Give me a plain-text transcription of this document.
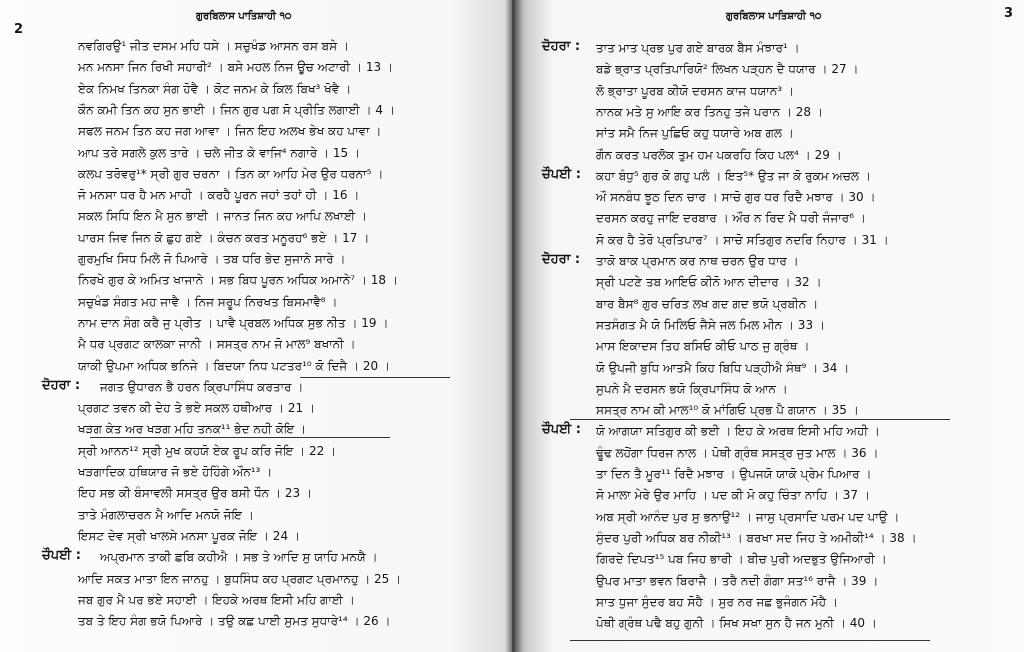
2
ਗੁਰਬਿਲਾਸ ਪਾਤਿਸ਼ਾਹੀ ੧੦
ਨਵਗਿਰਉ¹ ਜੀਤ ਦਸਮ ਮਹਿ ਧਸੇ । ਸਚੁਖੰਡ ਆਸਨ ਰਸ ਬਸੇ ।
ਮਨ ਮਨਸਾ ਜਿਨ ਰਿਖੀ ਸਹਾਰੀ² । ਬਸੇ ਮਹਲ ਨਿਜ ਊਚ ਅਟਾਰੀ । 13 ।
ਏਕ ਨਿਮਖ ਤਿਨਕਾ ਸੰਗ ਹੋਵੈ । ਕੋਟ ਜਨਮ ਕੇ ਕਿਲ ਬਿਖ³ ਖੋਵੈ ।
ਕੌਨ ਕਮੀ ਤਿਨ ਕਹ ਸੁਨ ਭਾਈ । ਜਿਨ ਗੁਰ ਪਗ ਸੋ ਪ੍ਰੀਤਿ ਲਗਾਈ । 4 ।
ਸਫਲ ਜਨਮ ਤਿਨ ਕਹ ਜਗ ਆਵਾ । ਜਿਨ ਇਹ ਅਲਖ ਭੇਖ ਕਹ ਪਾਵਾ ।
ਆਪ ਤਰੇ ਸਗਲੇ ਕੁਲ ਤਾਰੇ । ਚਲੇ ਜੀਤ ਕੇ ਵਾਜਿ⁴ ਨਗਾਰੇ । 15 ।
ਕਲਪ ਤਰੋਵਰੁ¹* ਸ੍ਰੀ ਗੁਰ ਚਰਨਾ । ਤਿਨ ਕਾ ਆਹਿ ਮੇਰ ਉਰ ਧਰਨਾ⁵ ।
ਜੋ ਮਨਸਾ ਧਰ ਹੈ ਮਨ ਮਾਹੀ । ਕਰਹੈ ਪੂਰਨ ਜਹਾਂ ਤਹਾਂ ਹੀ । 16 ।
ਸਕਲ ਸਿਧਿ ਇਨ ਮੈ ਸੁਨ ਭਾਈ । ਜਾਨਤ ਜਿਨ ਕਹ ਆਪਿ ਲਖਾਈ ।
ਪਾਰਸ ਜਿਵ ਜਿਨ ਕੋ ਛੁਹ ਗਏ । ਕੰਚਨ ਕਰਤ ਮਨੂਰਹ⁶ ਭਏ । 17 ।
ਗੁਰਮੁਖਿ ਸਿਧ ਮਿਲੇ ਜੋ ਪਿਆਰੇ । ਤਬ ਧਰਿ ਭੇਦ ਸੁਜਾਨੇ ਸਾਰੇ ।
ਨਿਰਖੇ ਗੁਰ ਕੇ ਅਮਿਤ ਖਾਜਾਨੇ । ਸਭ ਬਿਧ ਪੂਰਨ ਅਧਿਕ ਅਮਾਨੇ⁷ । 18 ।
ਸਚੁਖੰਡ ਸੰਗਤ ਮਹ ਜਾਵੈ । ਨਿਜ ਸਰੂਪ ਨਿਰਖਤ ਬਿਸਮਾਵੈ⁸ ।
ਨਾਮ ਦਾਨ ਸੰਗ ਕਰੈ ਜੁ ਪ੍ਰੀਤ । ਪਾਵੈ ਪ੍ਰਬਲ ਅਧਿਕ ਸੁਭ ਨੀਤ । 19 ।
ਮੈ ਧਰ ਪ੍ਰਗਟ ਕਾਲਕਾ ਜਾਨੀ । ਸਸਤ੍ਰ ਨਾਮ ਜੋ ਮਾਲ⁹ ਬਖਾਨੀ ।
ਯਾਕੀ ਉਪਮਾ ਅਧਿਕ ਭਨਿਜੇ । ਬਿਦਯਾ ਨਿਧ ਪਟਤਰ¹⁰ ਕੋ ਦਿਜੈ । 20 ।
ਦੋਹਰਾ : ਜਗਤ ਉਧਾਰਨ ਭੈ ਹਰਨ ਕ੍ਰਿਪਾਸਿੰਧ ਕਰਤਾਰ ।
ਪ੍ਰਗਟ ਤਵਨ ਕੀ ਦੇਹ ਤੇ ਭਏ ਸਕਲ ਹਥੀਆਰ । 21 ।
ਖੜਗ ਕੇਤ ਅਰ ਖੜਗ ਮਹਿ ਤਨਕ¹¹ ਭੇਦ ਨਹੀ ਕੋਇ ।
ਸ੍ਰੀ ਆਨਨ¹² ਸ੍ਰੀ ਮੁਖ ਕਹਯੋ ਏਕ ਰੂਪ ਕਰਿ ਜੋਇ । 22 ।
ਖੜਗਾਦਿਕ ਹਥਿਯਾਰ ਜੋ ਭਏ ਹੋਹਿੰਗੇ ਔਨ¹³ ।
ਇਹ ਸਭ ਕੀ ਬੰਸਾਵਲੀ ਸਸਤ੍ਰ ਉਰ ਬਸੀ ਧੌਨ । 23 ।
ਤਾਤੇ ਮੰਗਲਾਚਰਨ ਮੈ ਆਦਿ ਮਨਯੋ ਜੋਇ ।
ਇਸਟ ਦੇਵ ਸ੍ਰੀ ਖਾਲਸੇ ਮਨਸਾ ਪੂਰਕ ਜੋਇ । 24 ।
ਚੌਪਈ : ਅਪ੍ਰਮਾਨ ਤਾਕੀ ਛਬਿ ਕਹੀਐ । ਸਭ ਤੇ ਆਦਿ ਸੁ ਯਾਹਿ ਮਨਯੈ ।
ਆਦਿ ਸਕਤ ਮਾਤਾ ਇਨ ਜਾਨਹੁ । ਬੁਧਸਿੰਧ ਕਹ ਪ੍ਰਗਟ ਪ੍ਰਮਾਨਹੁ । 25 ।
ਜਬ ਗੁਰ ਮੈ ਪਰ ਭਏ ਸਹਾਈ । ਇਹਕੇ ਅਰਥ ਇਸੀ ਮਹਿ ਗਾਈ ।
ਤਬ ਤੇ ਇਹ ਸੰਗ ਭਯੋ ਪਿਆਰੇ । ਤਉ ਕਛ ਪਾਈ ਸੁਮਤ ਸੁਧਾਰੇ¹⁴ । 26 ।
3
ਗੁਰਬਿਲਾਸ ਪਾਤਿਸ਼ਾਹੀ ੧੦
ਦੋਹਰਾ : ਤਾਤ ਮਾਤ ਪ੍ਰਭ ਪੁਰ ਗਏ ਬਾਰਕ ਬੈਸ ਮੰਝਾਰ¹ ।
ਬਡੇ ਭ੍ਰਾਤ ਪ੍ਰਤਿਪਾਰਿਯੋ² ਲਿਖਨ ਪੜ੍ਹਨ ਦੈ ਧਯਾਰ । 27 ।
ਲੋ ਭ੍ਰਾਤਾ ਪੂਰਬ ਕੀਯੋ ਦਰਸਨ ਕਾਜ ਧਯਾਨ³ ।
ਨਾਨਕ ਮਤੇ ਸੁ ਆਇ ਕਰ ਤਿਨਹੁ ਤਜੇ ਪਰਾਨ । 28 ।
ਸਾਂਤ ਸਮੈ ਨਿਜ ਪੁਛਿਓ ਕਹੁ ਧਯਾਰੇ ਅਬ ਗਲ ।
ਗੌਨ ਕਰਤ ਪਰਲੋਕ ਤੁਮ ਹਮ ਪਕਰਹਿ ਕਿਹ ਪਲ⁴ । 29 ।
ਚੌਪਈ : ਕਹਾ ਬੰਧੁ⁵ ਗੁਰ ਕੋ ਗਹੁ ਪਲੰ । ਇਤ⁵* ਉਤ ਜਾ ਕੋ ਰੁਕਮ ਅਚਲ ।
ਔ ਸਨਬੰਧ ਝੂਠ ਦਿਨ ਚਾਰ । ਸਾਚੋ ਗੁਰ ਧਰ ਰਿਦੈ ਮਝਾਰ । 30 ।
ਦਰਸਨ ਕਰਹੁ ਜਾਇ ਦਰਬਾਰ । ਔਰ ਨ ਰਿਦ ਮੈ ਧਰੀ ਜੰਜਾਰ⁶ ।
ਸੋ ਕਰ ਹੈ ਤੇਰੋ ਪ੍ਰਤਿਪਾਰ⁷ । ਸਾਚੋ ਸਤਿਗੁਰ ਨਦਰਿ ਨਿਹਾਰ । 31 ।
ਦੋਹਰਾ : ਤਾਕੋ ਬਾਕ ਪ੍ਰਮਾਨ ਕਰ ਨਾਥ ਚਰਨ ਉਰ ਧਾਰ ।
ਸ੍ਰੀ ਪਟਣੇ ਤਬ ਆਇਓ ਕੀਨੋ ਆਨ ਦੀਦਾਰ । 32 ।
ਬਾਰ ਬੈਸ⁸ ਗੁਰ ਚਰਿਤ ਲਖ ਗਦ ਗਦ ਭਯੋ ਪ੍ਰਬੀਨ ।
ਸਤਸੰਗਤ ਮੈ ਯੋ ਮਿਲਿਓ ਜੈਸੇ ਜਲ ਮਿਲ ਮੀਨ । 33 ।
ਮਾਸ ਇਕਾਦਸ ਤਿਹ ਬਸਿਓ ਕੀਓ ਪਾਠ ਜੁ ਗ੍ਰੰਥ ।
ਯੋ ਉਪਜੀ ਬੁਧਿ ਆਤਮੈ ਕਿਹ ਬਿਧਿ ਪੜ੍ਹੀਐ ਸੰਥ⁹ । 34 ।
ਸੁਪਨੇ ਮੈ ਦਰਸਨ ਭਯੋ ਕ੍ਰਿਪਾਸਿੰਧ ਕੋ ਆਨ ।
ਸਸਤ੍ਰ ਨਾਮ ਕੀ ਮਾਲ¹⁰ ਕੋ ਮਾਂਗਿਓ ਪ੍ਰਭ ਪੈ ਗਯਾਨ । 35 ।
ਚੌਪਈ : ਯੋ ਆਗਯਾ ਸਤਿਗੁਰ ਕੀ ਭਈ । ਇਹ ਕੇ ਅਰਥ ਇਸੀ ਮਹਿ ਅਹੀ ।
ਢੂੰਢ ਲਹੋਂਗਾ ਧਿਰਜ ਨਾਲ । ਪੋਥੀ ਗ੍ਰੰਥ ਸਸਤ੍ਰ ਜੁਤ ਮਾਲ । 36 ।
ਤਾ ਦਿਨ ਤੈ ਮੂਰ¹¹ ਰਿਦੈ ਮਝਾਰ । ਉਪਜਯੋ ਯਾਕੋ ਪ੍ਰੇਮ ਪਿਆਰ ।
ਸੋ ਮਾਲਾ ਮੇਰੇ ਉਰ ਮਾਹਿ । ਪਦ ਕੀ ਮੋ ਕਹੁ ਚਿੰਤਾ ਨਾਹਿ । 37 ।
ਅਬ ਸ੍ਰੀ ਆਨੰਦ ਪੁਰ ਸੁ ਭਨਾਉ¹² । ਜਾਸੁ ਪ੍ਰਸਾਦਿ ਪਰਮ ਪਦ ਪਾਉ ।
ਸੁੰਦਰ ਪੁਰੀ ਅਧਿਕ ਬਰ ਨੀਕੀ¹³ । ਬਰਖਾ ਸਦ ਜਿਹ ਤੇ ਅਮੀਕੀ¹⁴ । 38 ।
ਗਿਰਦੇ ਦਿਪਤ¹⁵ ਪਬ ਜਿਹ ਭਾਰੀ । ਬੀਚ ਪੁਰੀ ਅਦਭੁਤ ਉਜਿਆਰੀ ।
ਉਪਰ ਮਾਤਾ ਭਵਨ ਬਿਰਾਜੈ । ਤਰੈ ਨਦੀ ਗੰਗਾ ਸਤ¹⁶ ਰਾਜੈ । 39 ।
ਸਾਤ ਧੁਜਾ ਸੁੰਦਰ ਬਹ ਸੋਹੈ । ਸੁਰ ਨਰ ਜਛ ਭੁਜੰਗਨ ਮੋਹੈ ।
ਪੋਥੀ ਗ੍ਰੰਥ ਪਢੈ ਬਹੁ ਗੁਨੀ । ਸਿਖ ਸਖਾ ਸੁਨ ਹੈ ਜਨ ਮੁਨੀ । 40 ।
